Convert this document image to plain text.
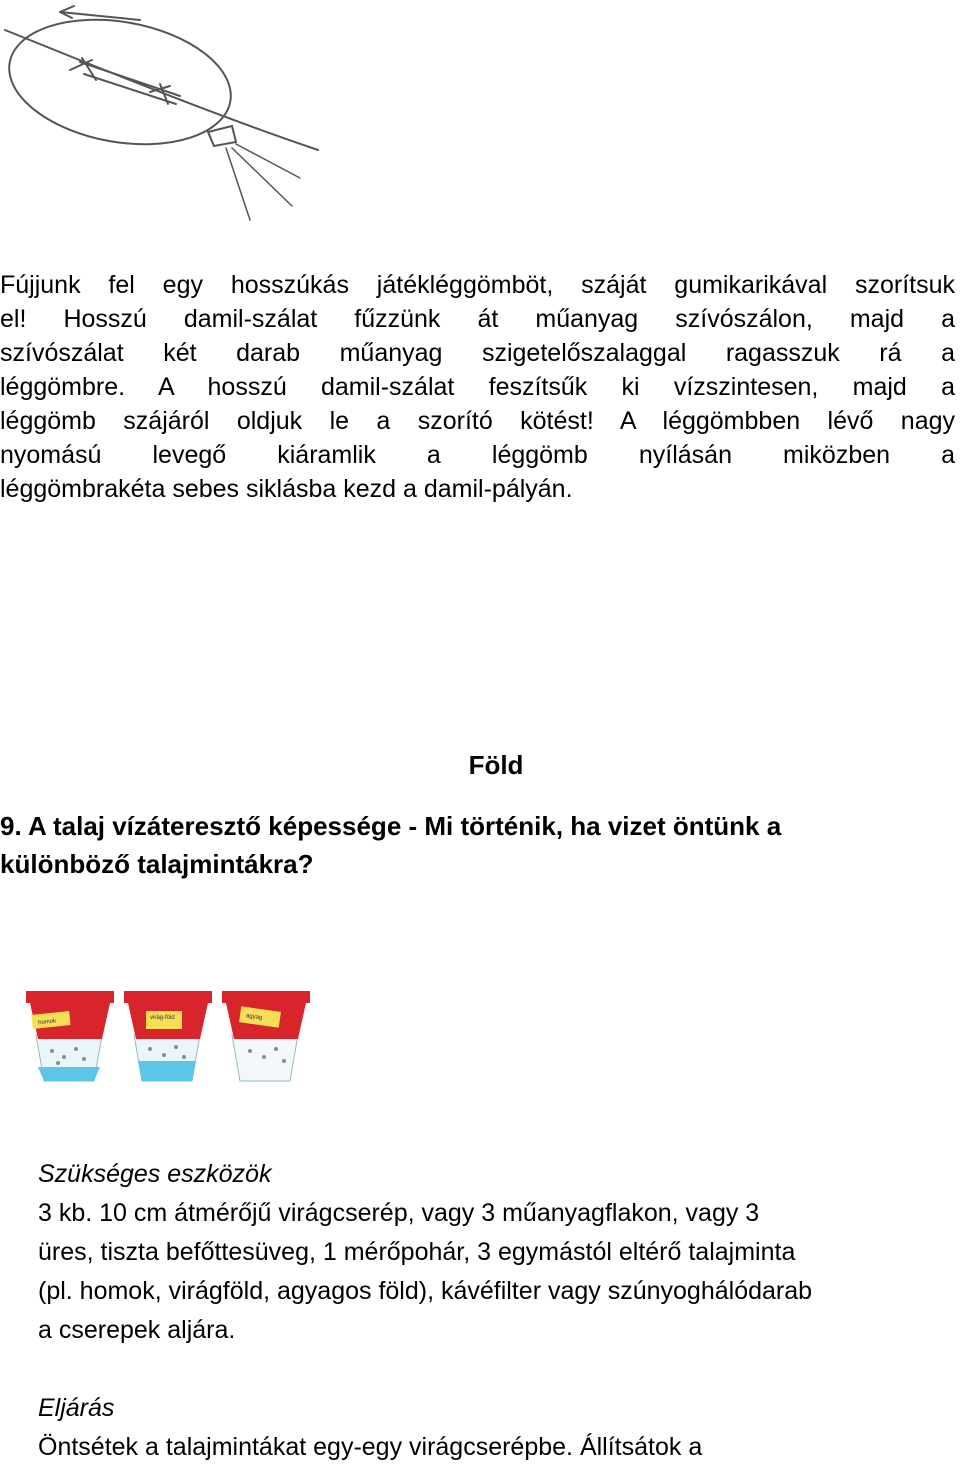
Fújjunk fel egy hosszúkás játékléggömböt, száját gumikarikával szorítsuk
el! Hosszú damil-szálat fűzzünk át műanyag szívószálon, majd a
szívószálat két darab műanyag szigetelőszalaggal ragasszuk rá a
léggömbre. A hosszú damil-szálat feszítsűk ki vízszintesen, majd a
léggömb szájáról oldjuk le a szorító kötést! A léggömbben lévő nagy
nyomású levegő kiáramlik a léggömb nyílásán miközben a
léggömbrakéta sebes siklásba kezd a damil-pályán.
Föld
9. A talaj vízáteresztő képessége - Mi történik, ha vizet öntünk a
különböző talajmintákra?
homok
virág-föld	agyag
Szükséges eszközök
3 kb. 10 cm átmérőjű virágcserép, vagy 3 műanyagflakon, vagy 3
üres, tiszta befőttesüveg, 1 mérőpohár, 3 egymástól eltérő talajminta
(pl. homok, virágföld, agyagos föld), kávéfilter vagy szúnyoghálódarab
a cserepek aljára.
Eljárás
Öntsétek a talajmintákat egy-egy virágcserépbe. Állítsátok a
